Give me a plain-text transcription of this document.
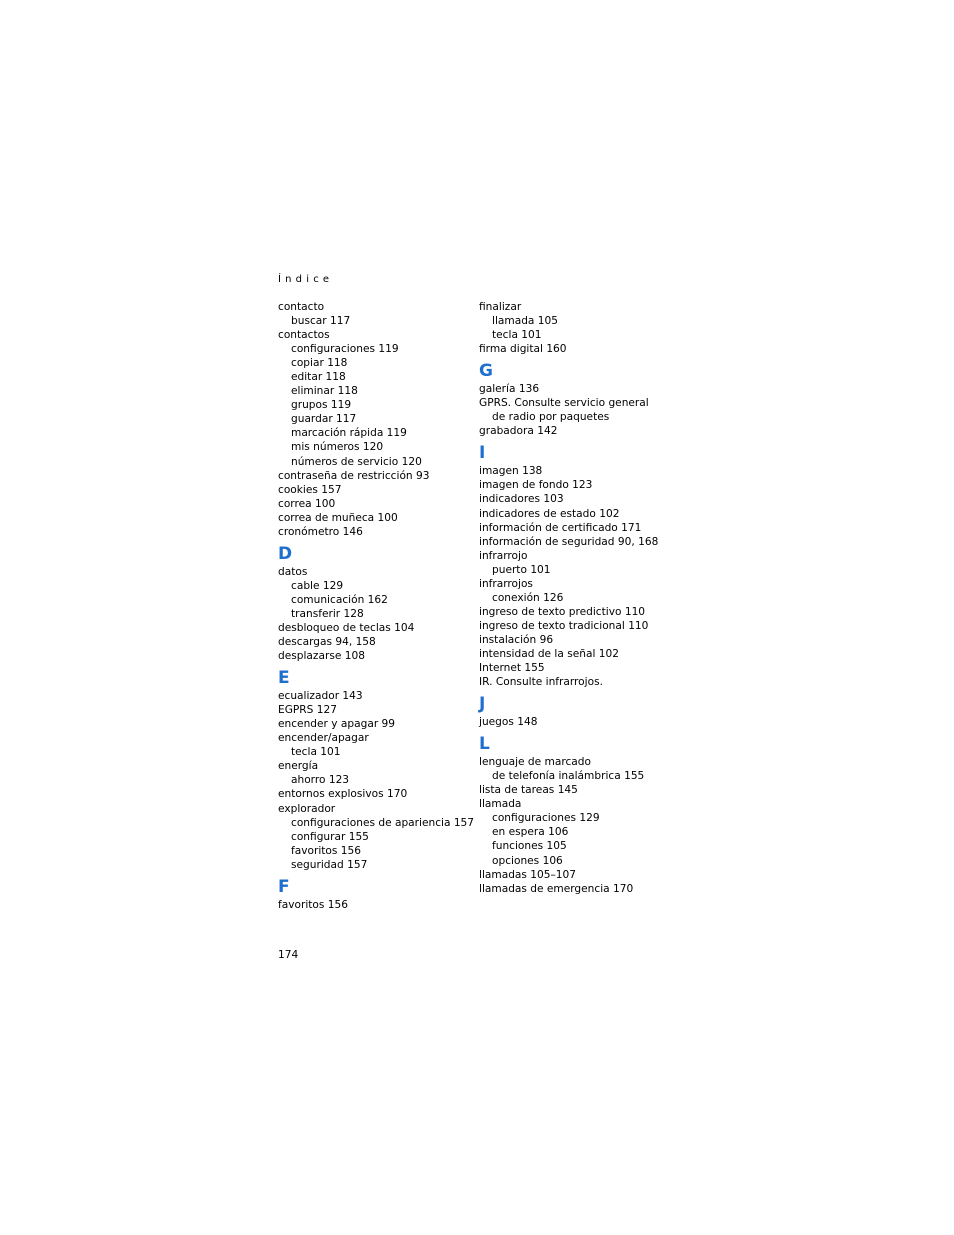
Índice
contacto
buscar 117
contactos
configuraciones 119
copiar 118
editar 118
eliminar 118
grupos 119
guardar 117
marcación rápida 119
mis números 120
números de servicio 120
contraseña de restricción 93
cookies 157
correa 100
correa de muñeca 100
cronómetro 146
D
datos
cable 129
comunicación 162
transferir 128
desbloqueo de teclas 104
descargas 94, 158
desplazarse 108
E
ecualizador 143
EGPRS 127
encender y apagar 99
encender/apagar
tecla 101
energía
ahorro 123
entornos explosivos 170
explorador
configuraciones de apariencia 157
configurar 155
favoritos 156
seguridad 157
F
favoritos 156
finalizar
llamada 105
tecla 101
firma digital 160
G
galería 136
GPRS. Consulte servicio general
de radio por paquetes
grabadora 142
I
imagen 138
imagen de fondo 123
indicadores 103
indicadores de estado 102
información de certificado 171
información de seguridad 90, 168
infrarrojo
puerto 101
infrarrojos
conexión 126
ingreso de texto predictivo 110
ingreso de texto tradicional 110
instalación 96
intensidad de la señal 102
Internet 155
IR. Consulte infrarrojos.
J
juegos 148
L
lenguaje de marcado
de telefonía inalámbrica 155
lista de tareas 145
llamada
configuraciones 129
en espera 106
funciones 105
opciones 106
llamadas 105–107
llamadas de emergencia 170
174
